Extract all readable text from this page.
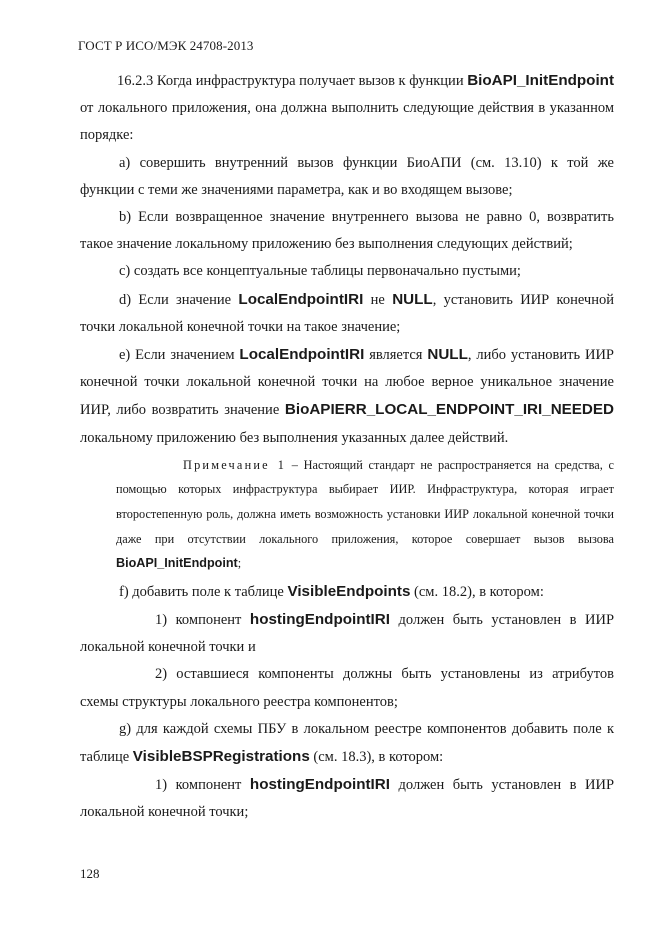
ГОСТ Р ИСО/МЭК 24708-2013

16.2.3 Когда инфраструктура получает вызов к функции BioAPI_InitEndpoint от локального приложения, она должна выполнить следующие действия в указанном порядке:

а) совершить внутренний вызов функции БиоАПИ (см. 13.10) к той же функции с теми же значениями параметра, как и во входящем вызове;

b) Если возвращенное значение внутреннего вызова не равно 0, возвратить такое значение локальному приложению без выполнения следующих действий;

c) создать все концептуальные таблицы первоначально пустыми;

d) Если значение LocalEndpointIRI не NULL, установить ИИР конечной точки локальной конечной точки на такое значение;

e) Если значением LocalEndpointIRI является NULL, либо установить ИИР конечной точки локальной конечной точки на любое верное уникальное значение ИИР, либо возвратить значение BioAPIERR_LOCAL_ENDPOINT_IRI_NEEDED локальному приложению без выполнения указанных далее действий.

Примечание 1 – Настоящий стандарт не распространяется на средства, с помощью которых инфраструктура выбирает ИИР. Инфраструктура, которая играет второстепенную роль, должна иметь возможность установки ИИР локальной конечной точки даже при отсутствии локального приложения, которое совершает вызов вызова BioAPI_InitEndpoint;

f) добавить поле к таблице VisibleEndpoints (см. 18.2), в котором:

1) компонент hostingEndpointIRI должен быть установлен в ИИР локальной конечной точки и

2) оставшиеся компоненты должны быть установлены из атрибутов схемы структуры локального реестра компонентов;

g) для каждой схемы ПБУ в локальном реестре компонентов добавить поле к таблице VisibleBSPRegistrations (см. 18.3), в котором:

1) компонент hostingEndpointIRI должен быть установлен в ИИР локальной конечной точки;

128
